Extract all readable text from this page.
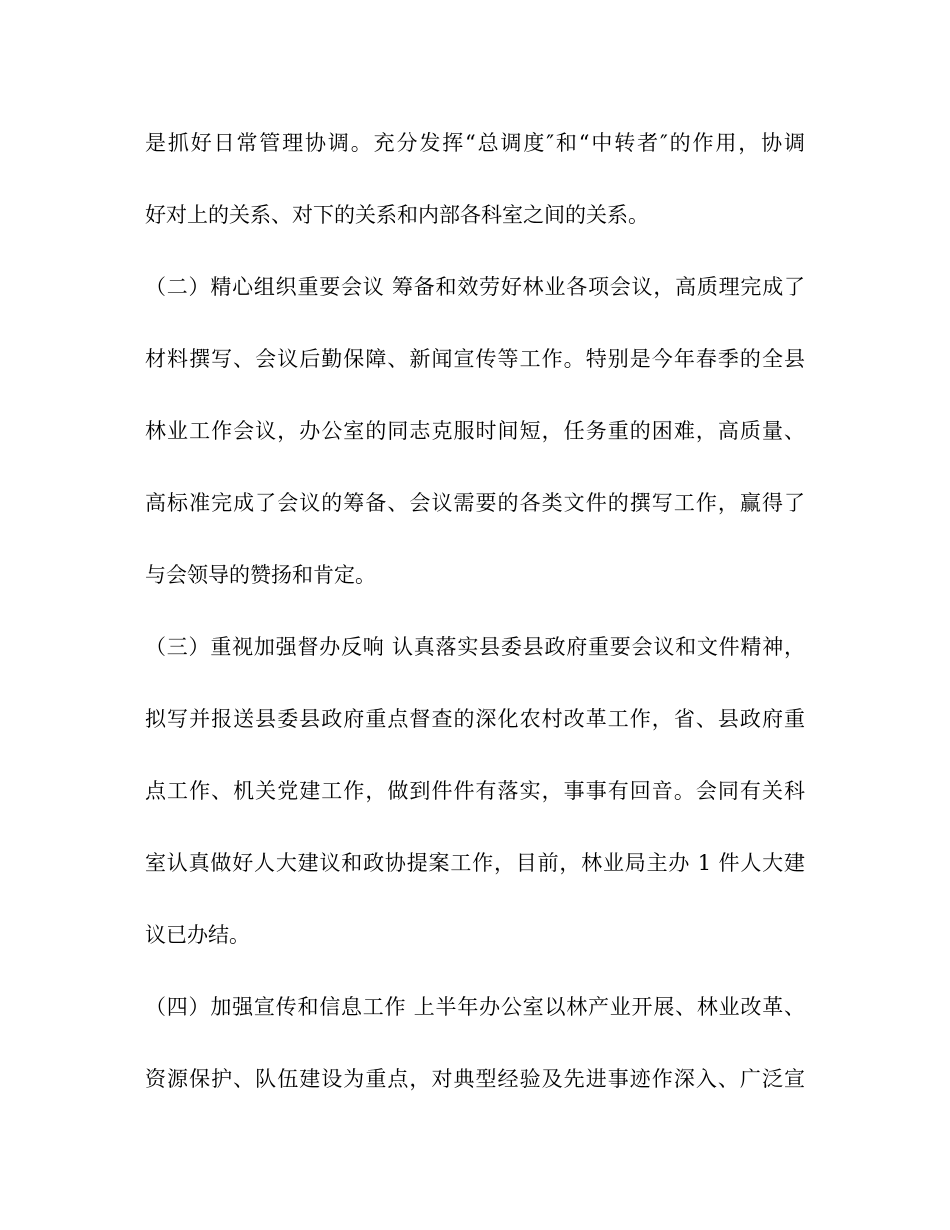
是抓好日常管理协调。充分发挥“总调度″和“中转者″的作用，协调
好对上的关系、对下的关系和内部各科室之间的关系。
（二）精心组织重要会议 筹备和效劳好林业各项会议，高质理完成了
材料撰写、会议后勤保障、新闻宣传等工作。特别是今年春季的全县
林业工作会议，办公室的同志克服时间短，任务重的困难，高质量、
高标准完成了会议的筹备、会议需要的各类文件的撰写工作，赢得了
与会领导的赞扬和肯定。
（三）重视加强督办反响 认真落实县委县政府重要会议和文件精神，
拟写并报送县委县政府重点督查的深化农村改革工作，省、县政府重
点工作、机关党建工作，做到件件有落实，事事有回音。会同有关科
室认真做好人大建议和政协提案工作，目前，林业局主办 1 件人大建
议已办结。
（四）加强宣传和信息工作 上半年办公室以林产业开展、林业改革、
资源保护、队伍建设为重点，对典型经验及先进事迹作深入、广泛宣
